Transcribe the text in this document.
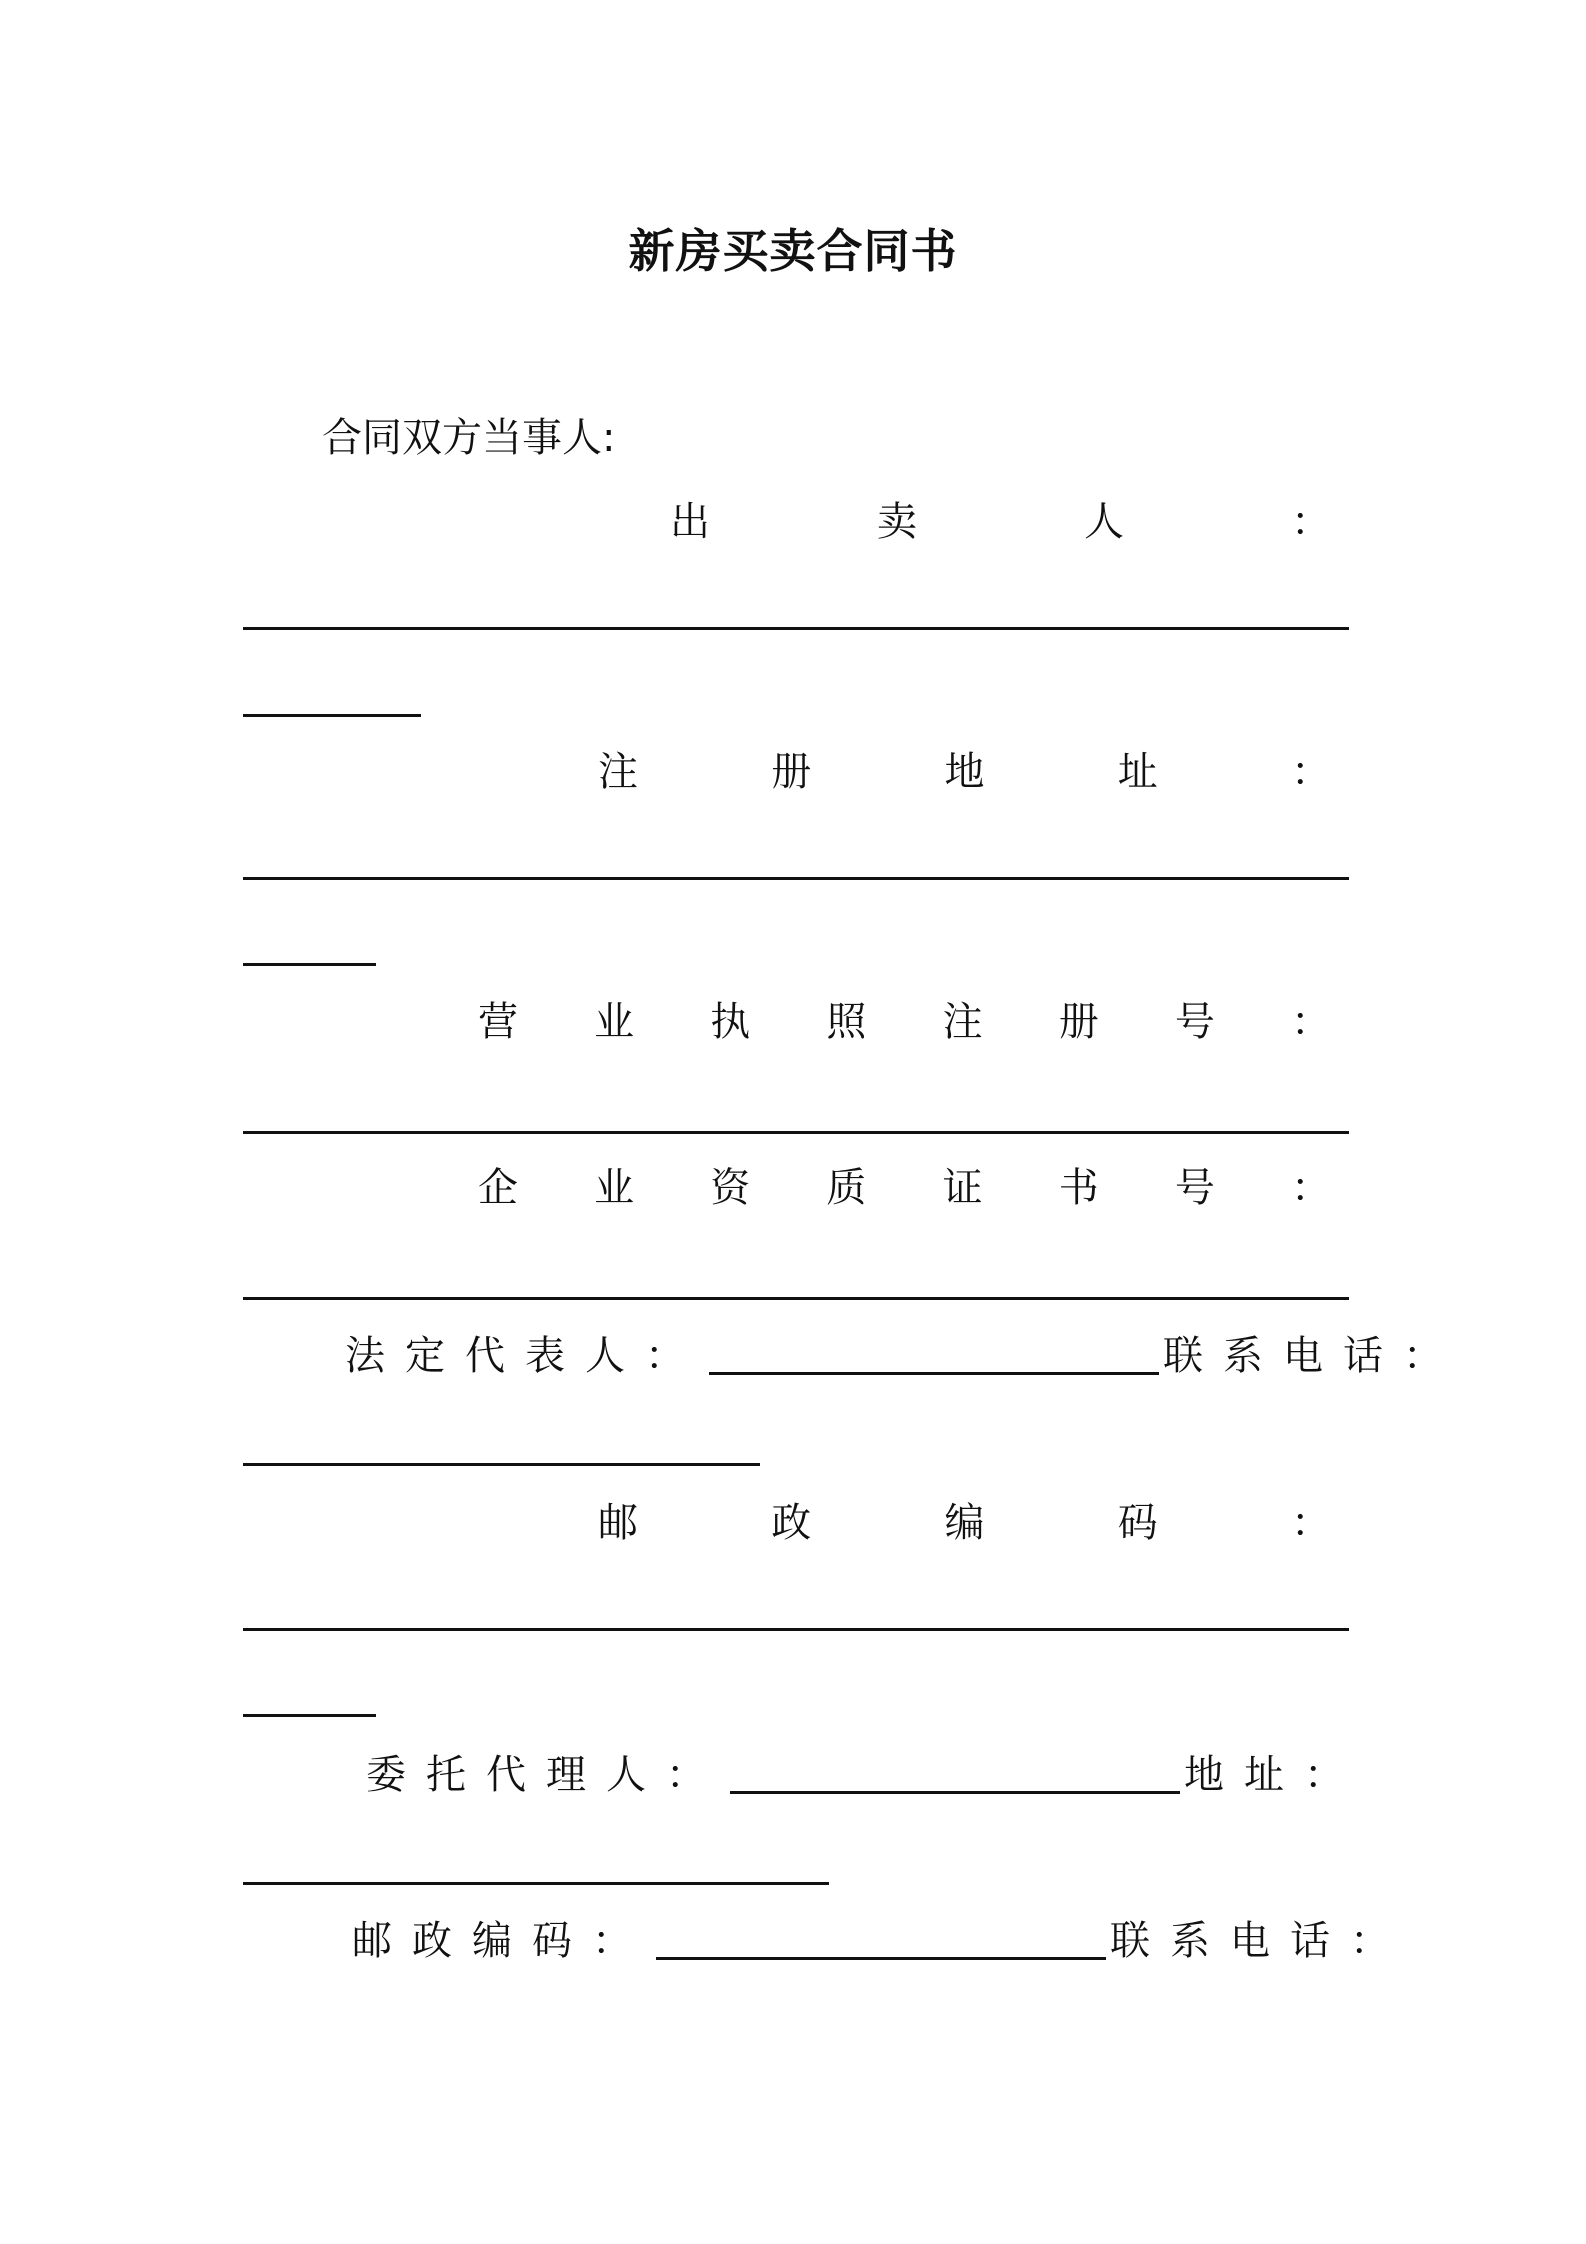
新房买卖合同书
合同双方当事人:
出	卖	人	：
注	册	地	址	：
营 业 执 照 注 册 号 ：
企 业 资 质 证 书 号 ：
法定代表人：	联系电话：
邮	政	编	码	：
委托代理人：	地址：
邮政编码：	联系电话：
